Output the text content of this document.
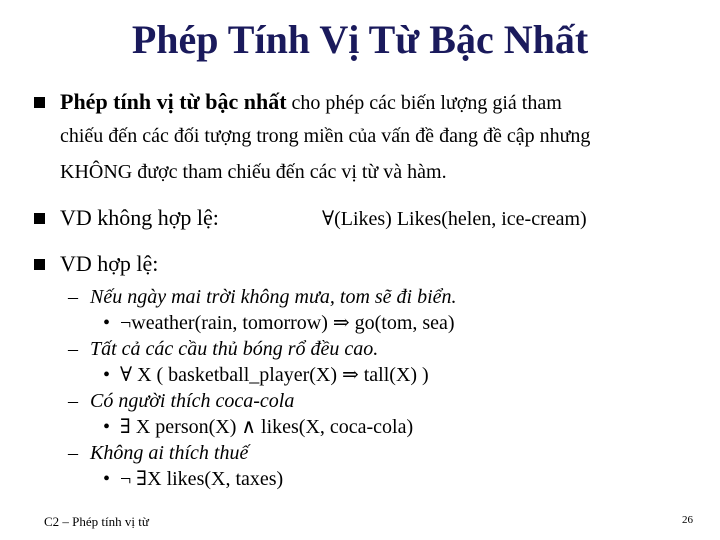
Phép Tính Vị Từ Bậc Nhất
Phép tính vị từ bậc nhất cho phép các biến lượng giá tham
chiếu đến các đối tượng trong miền của vấn đề đang đề cập nhưng
KHÔNG được tham chiếu đến các vị từ và hàm.
VD không hợp lệ:	∀(Likes) Likes(helen, ice-cream)
VD hợp lệ:
– Nếu ngày mai trời không mưa, tom sẽ đi biển.
• ¬weather(rain, tomorrow) ⇒ go(tom, sea)
– Tất cả các cầu thủ bóng rổ đều cao.
• ∀ X ( basketball_player(X) ⇒ tall(X) )
– Có người thích coca-cola
• ∃ X person(X) ∧ likes(X, coca-cola)
– Không ai thích thuế
• ¬ ∃X likes(X, taxes)
C2 – Phép tính vị từ	26
